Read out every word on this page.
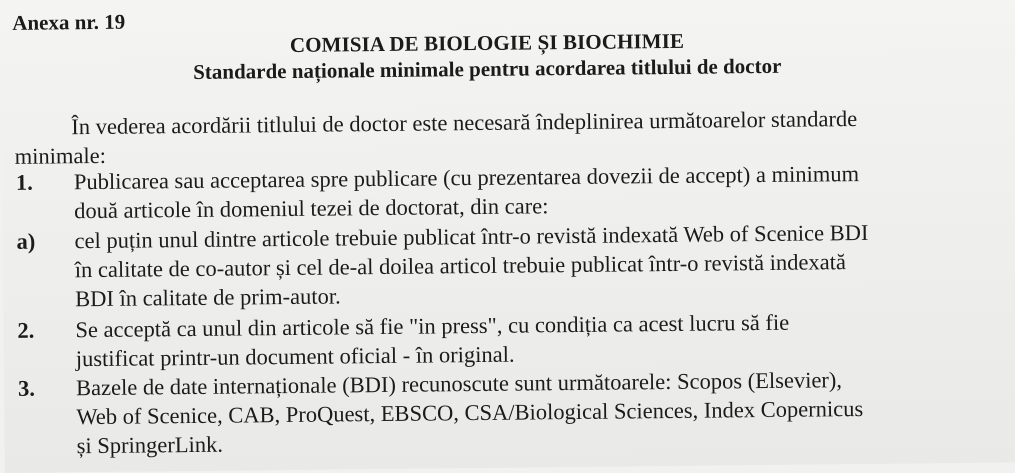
Anexa nr. 19
COMISIA DE BIOLOGIE ȘI BIOCHIMIE
Standarde naționale minimale pentru acordarea titlului de doctor

În vederea acordării titlului de doctor este necesară îndeplinirea următoarelor standarde

minimale:

1.	Publicarea sau acceptarea spre publicare (cu prezentarea dovezii de accept) a minimum
două articole în domeniul tezei de doctorat, din care:
a)	cel puțin unul dintre articole trebuie publicat într-o revistă indexată Web of Scenice BDI
în calitate de co-autor și cel de-al doilea articol trebuie publicat într-o revistă indexată
BDI în calitate de prim-autor.
2.	Se acceptă ca unul din articole să fie "in press", cu condiția ca acest lucru să fie
justificat printr-un document oficial - în original.
3.	Bazele de date internaționale (BDI) recunoscute sunt următoarele: Scopos (Elsevier),
Web of Scenice, CAB, ProQuest, EBSCO, CSA/Biological Sciences, Index Copernicus
și SpringerLink.
